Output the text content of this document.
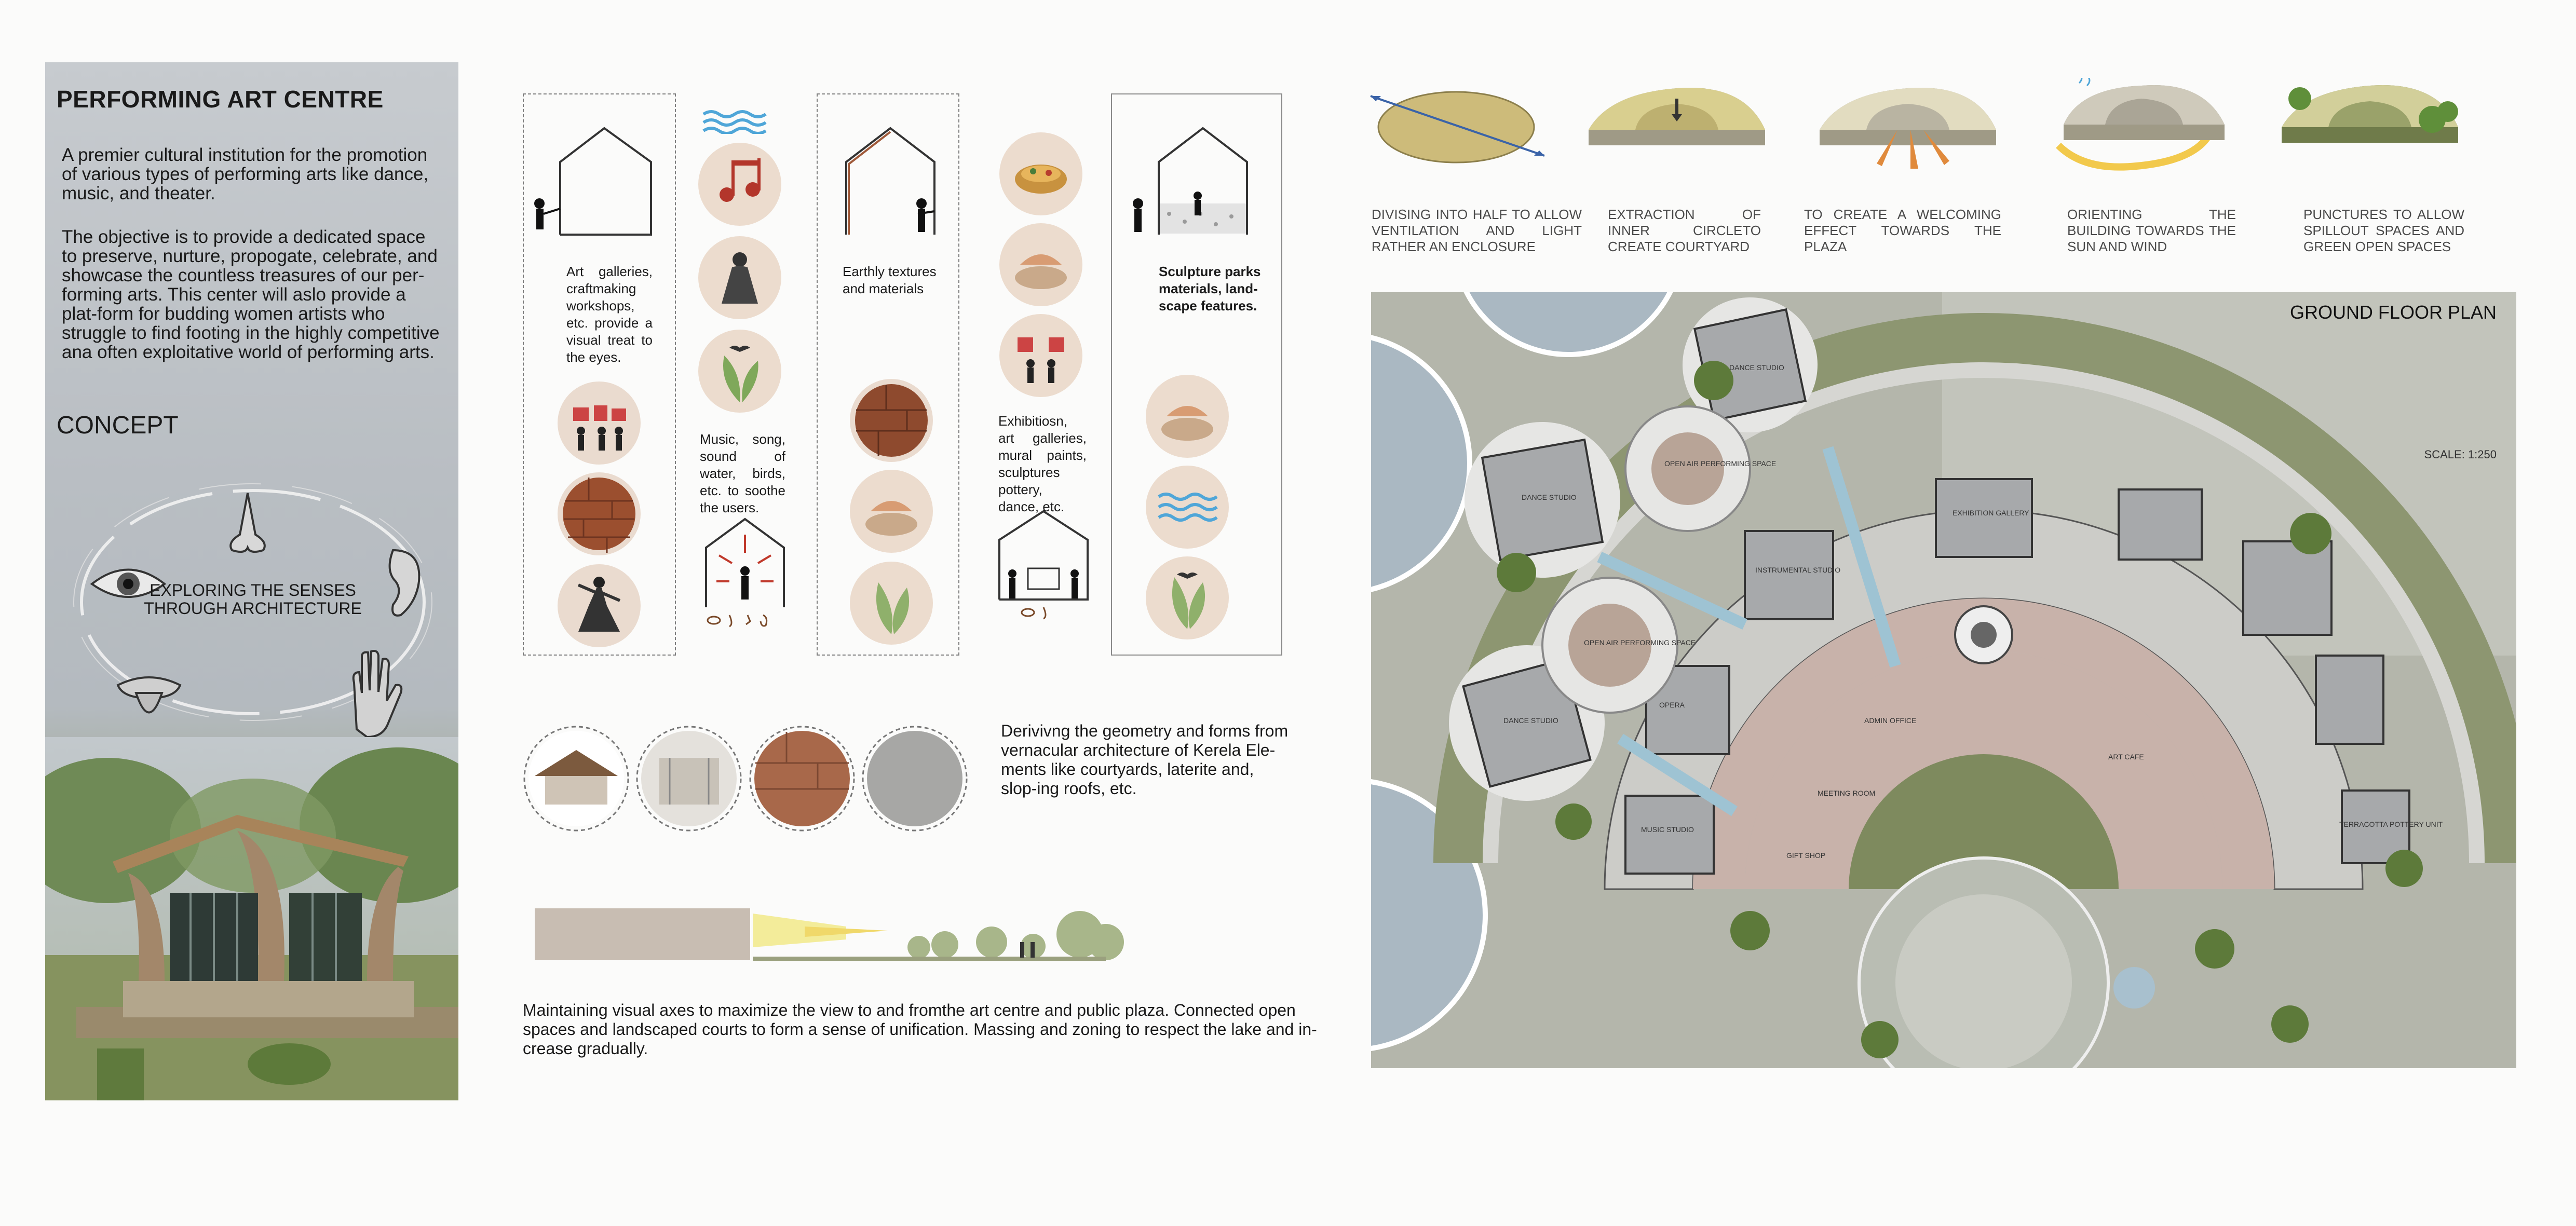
PERFORMING ART CENTRE
A premier cultural institution for the promotion of various types of performing arts like dance, music, and theater.
The objective is to provide a dedicated space to preserve, nurture, propogate, celebrate, and showcase the countless treasures of our per-forming arts. This center will aslo provide a plat-form for budding women artists who struggle to find footing in the highly competitive ana often exploitative world of performing arts.
CONCEPT
EXPLORING THE SENSES THROUGH ARCHITECTURE
Art galleries, craftmaking workshops, etc. provide a visual treat to the eyes.
Music, song, sound of water, birds, etc. to soothe the users.
Earthly textures and materials
Exhibitiosn, art galleries, mural paints, sculptures pottery, dance, etc.
Sculpture parks materials, land-scape features.
Derivivng the geometry and forms from vernacular architecture of Kerela Ele-ments like courtyards, laterite and, slop-ing roofs, etc.
Maintaining visual axes to maximize the view to and fromthe art centre and public plaza. Connected open spaces and landscaped courts to form a sense of unification. Massing and zoning to respect the lake and in-crease gradually.
DIVISING INTO HALF TO ALLOW VENTILATION AND LIGHT RATHER AN ENCLOSURE
EXTRACTION OF INNER CIRCLETO CREATE COURTYARD
TO CREATE A WELCOMING EFFECT TOWARDS THE PLAZA
ORIENTING THE BUILDING TOWARDS THE SUN AND WIND
PUNCTURES TO ALLOW SPILLOUT SPACES AND GREEN OPEN SPACES
DANCE STUDIO
OPEN AIR PERFORMING SPACE
DANCE STUDIO
OPEN AIR PERFORMING SPACE
INSTRUMENTAL STUDIO
EXHIBITION GALLERY
OPERA
DANCE STUDIO
MUSIC STUDIO
ART CAFE
GIFT SHOP
MEETING ROOM
ADMIN OFFICE
TERRACOTTA POTTERY UNIT
GROUND FLOOR PLAN
SCALE: 1:250
